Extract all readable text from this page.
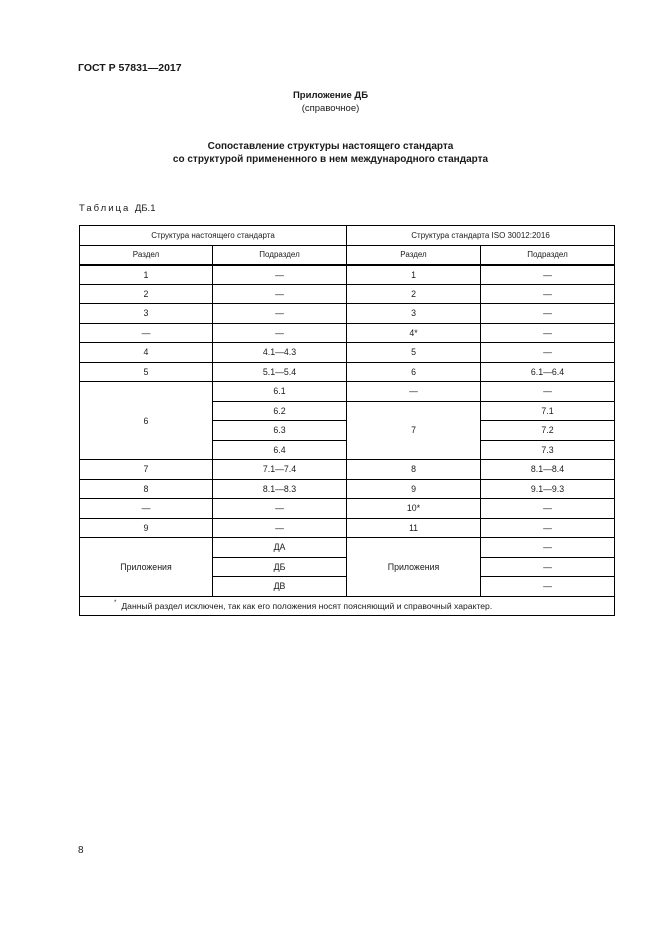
ГОСТ Р 57831—2017
Приложение ДБ
(справочное)
Сопоставление структуры настоящего стандарта
со структурой примененного в нем международного стандарта
Таблица ДБ.1
Структура настоящего стандарта		Структура стандарта ISO 30012:2016	
Раздел	Подраздел	Раздел	Подраздел
1	—	1	—
2	—	2	—
3	—	3	—
—	—	4*	—
4	4.1—4.3	5	—
5	5.1—5.4	6	6.1—6.4
6	6.1	—	—
	6.2	7	7.1
	6.3		7.2
	6.4		7.3
7	7.1—7.4	8	8.1—8.4
8	8.1—8.3	9	9.1—9.3
—	—	10*	—
9	—	11	—
Приложения	ДА	Приложения	—
	ДБ		—
	ДВ		—
* Данный раздел исключен, так как его положения носят поясняющий и справочный характер.			
8
